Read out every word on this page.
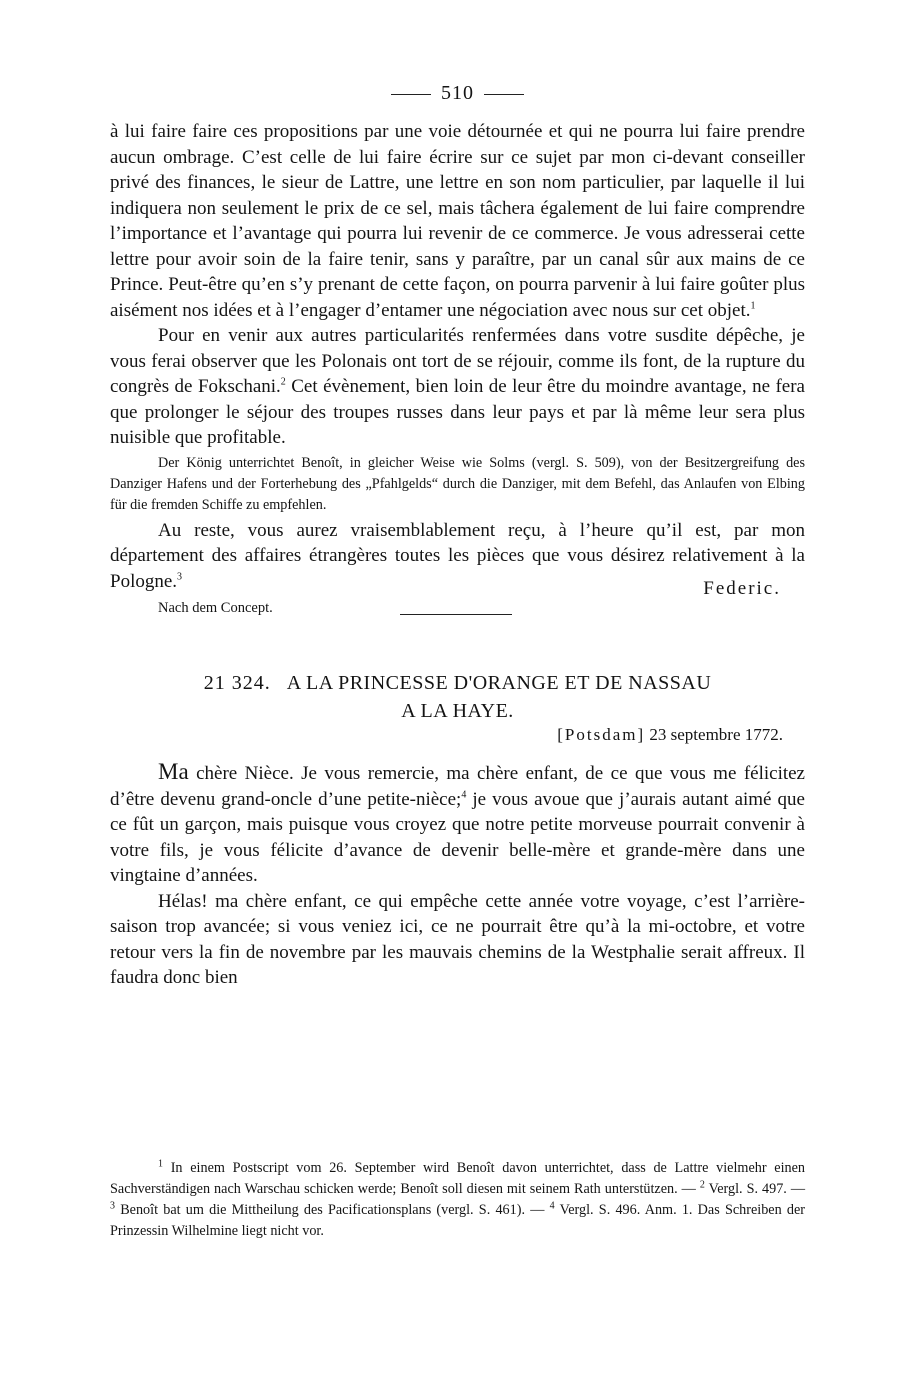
510

à lui faire faire ces propositions par une voie détournée et qui ne pourra lui faire prendre aucun ombrage. C’est celle de lui faire écrire sur ce sujet par mon ci-devant conseiller privé des finances, le sieur de Lattre, une lettre en son nom particulier, par laquelle il lui indiquera non seulement le prix de ce sel, mais tâchera également de lui faire comprendre l’importance et l’avantage qui pourra lui revenir de ce commerce. Je vous adresserai cette lettre pour avoir soin de la faire tenir, sans y paraître, par un canal sûr aux mains de ce Prince. Peut-être qu’en s’y prenant de cette façon, on pourra parvenir à lui faire goûter plus aisément nos idées et à l’engager d’entamer une négociation avec nous sur cet objet.$^1$

Pour en venir aux autres particularités renfermées dans votre susdite dépêche, je vous ferai observer que les Polonais ont tort de se réjouir, comme ils font, de la rupture du congrès de Fokschani.$^2$ Cet évènement, bien loin de leur être du moindre avantage, ne fera que prolonger le séjour des troupes russes dans leur pays et par là même leur sera plus nuisible que profitable.

Der König unterrichtet Benoît, in gleicher Weise wie Solms (vergl. S. 509), von der Besitzergreifung des Danziger Hafens und der Forterhebung des „Pfahlgelds“ durch die Danziger, mit dem Befehl, das Anlaufen von Elbing für die fremden Schiffe zu empfehlen.

Au reste, vous aurez vraisemblablement reçu, à l’heure qu’il est, par mon département des affaires étrangères toutes les pièces que vous désirez relativement à la Pologne.$^3$

Federic.
Nach dem Concept.
21 324. A LA PRINCESSE D'ORANGE ET DE NASSAU
A LA HAYE.
[Potsdam] 23 septembre 1772.

Ma chère Nièce. Je vous remercie, ma chère enfant, de ce que vous me félicitez d’être devenu grand-oncle d’une petite-nièce;$^4$ je vous avoue que j’aurais autant aimé que ce fût un garçon, mais puisque vous croyez que notre petite morveuse pourrait convenir à votre fils, je vous félicite d’avance de devenir belle-mère et grande-mère dans une vingtaine d’années.

Hélas! ma chère enfant, ce qui empêche cette année votre voyage, c’est l’arrière-saison trop avancée; si vous veniez ici, ce ne pourrait être qu’à la mi-octobre, et votre retour vers la fin de novembre par les mauvais chemins de la Westphalie serait affreux. Il faudra donc bien

$^1$ In einem Postscript vom 26. September wird Benoît davon unterrichtet, dass de Lattre vielmehr einen Sachverständigen nach Warschau schicken werde; Benoît soll diesen mit seinem Rath unterstützen. — $^2$ Vergl. S. 497. — $^3$ Benoît bat um die Mittheilung des Pacificationsplans (vergl. S. 461). — $^4$ Vergl. S. 496. Anm. 1. Das Schreiben der Prinzessin Wilhelmine liegt nicht vor.
